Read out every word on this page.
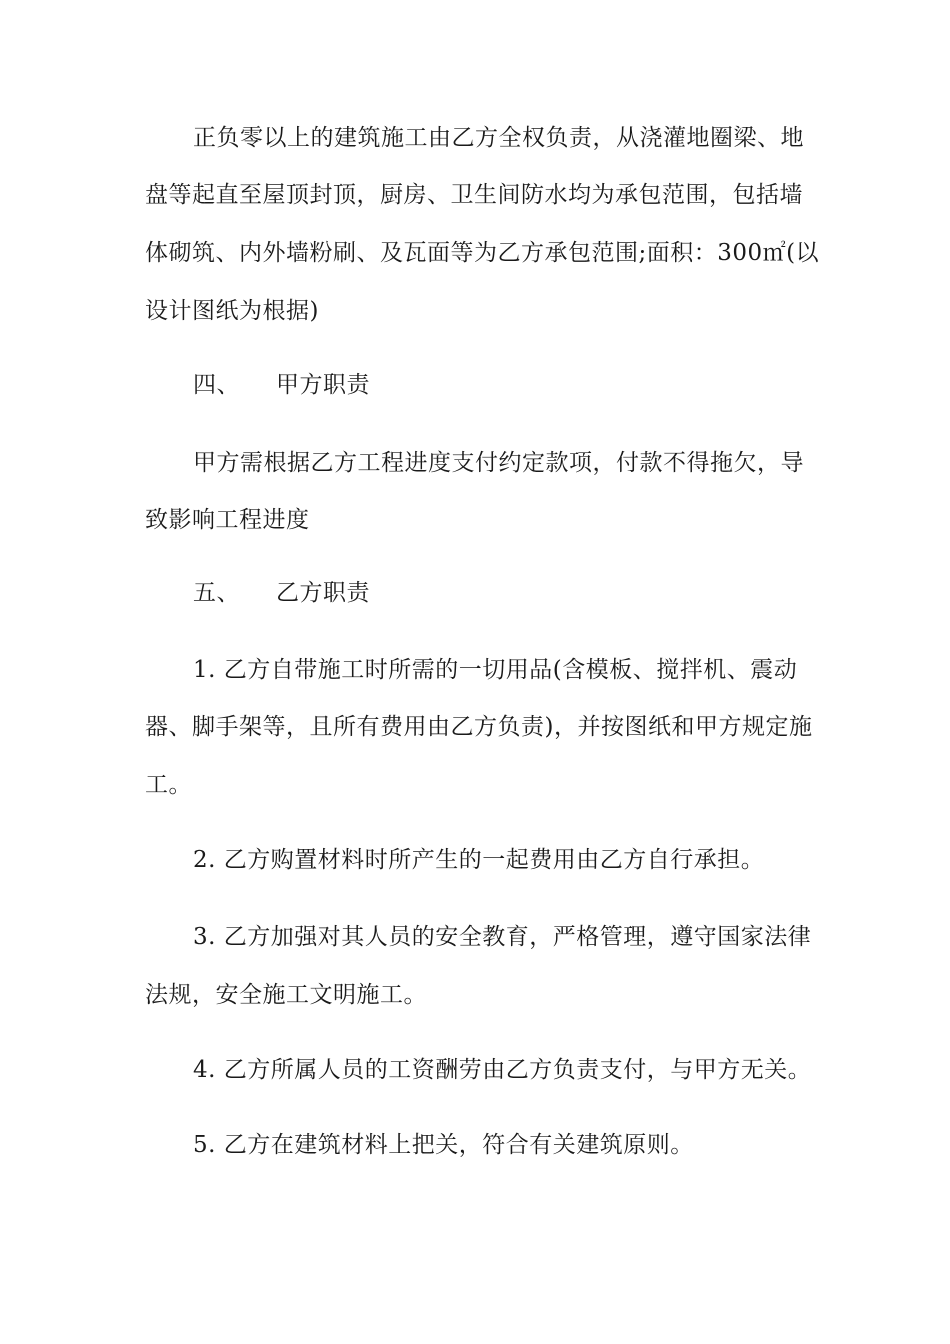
正负零以上的建筑施工由乙方全权负责，从浇灌地圈梁、地
盘等起直至屋顶封顶，厨房、卫生间防水均为承包范围，包括墙
体砌筑、内外墙粉刷、及瓦面等为乙方承包范围;面积：300㎡(以
设计图纸为根据)
四、 甲方职责
甲方需根据乙方工程进度支付约定款项，付款不得拖欠，导
致影响工程进度
五、 乙方职责
1. 乙方自带施工时所需的一切用品(含模板、搅拌机、震动
器、脚手架等，且所有费用由乙方负责)，并按图纸和甲方规定施
工。
2. 乙方购置材料时所产生的一起费用由乙方自行承担。
3. 乙方加强对其人员的安全教育，严格管理，遵守国家法律
法规，安全施工文明施工。
4. 乙方所属人员的工资酬劳由乙方负责支付，与甲方无关。
5. 乙方在建筑材料上把关，符合有关建筑原则。
